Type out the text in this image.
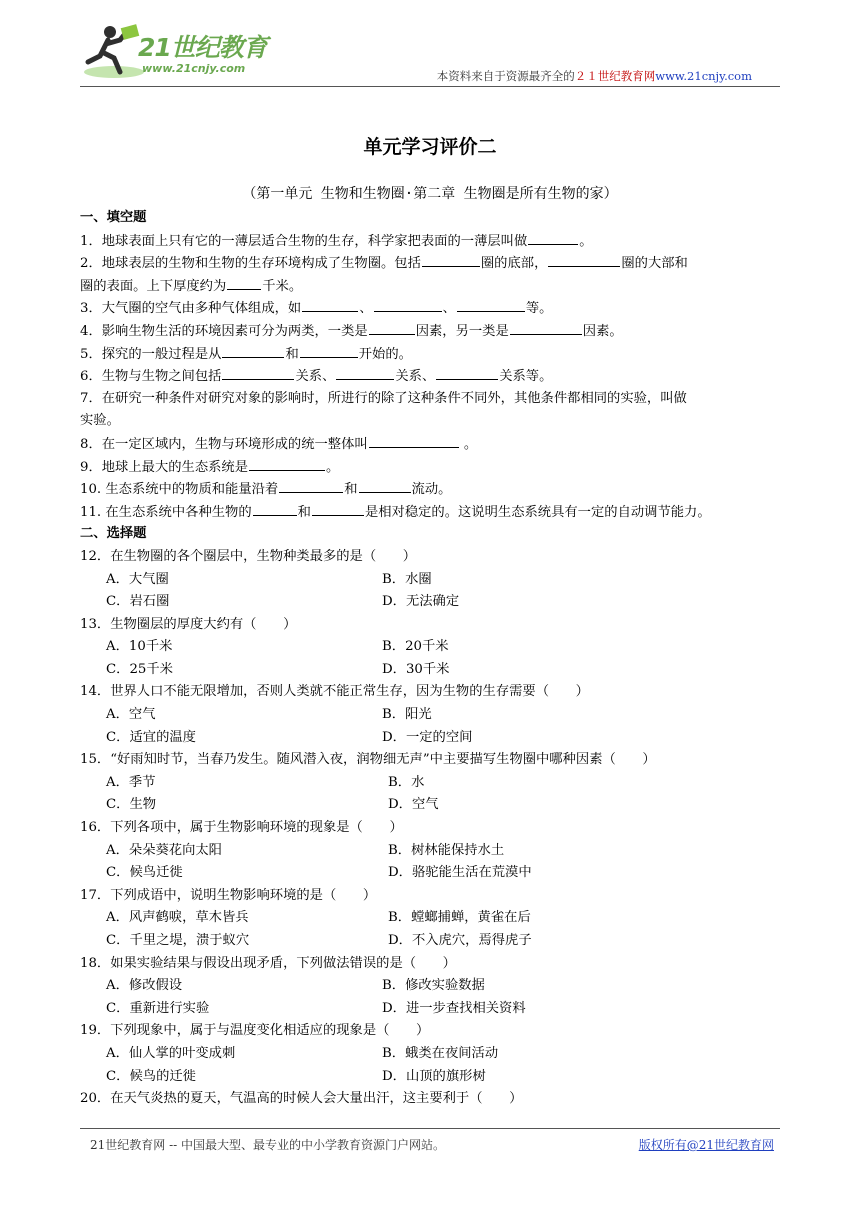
21世纪教育
www.21cnjy.com
本资料来自于资源最齐全的２１世纪教育网www.21cnjy.com
单元学习评价二
（第一单元 生物和生物圈·第二章 生物圈是所有生物的家）
一、填空题
1．地球表面上只有它的一薄层适合生物的生存，科学家把表面的一薄层叫做	。
2．地球表层的生物和生物的生存环境构成了生物圈。包括	圈的底部，	圈的大部和
圈的表面。上下厚度约为	千米。
3．大气圈的空气由多种气体组成，如	、	、	等。
4．影响生物生活的环境因素可分为两类，一类是	因素，另一类是	因素。
5．探究的一般过程是从	和	开始的。
6．生物与生物之间包括	关系、	关系、	关系等。
7．在研究一种条件对研究对象的影响时，所进行的除了这种条件不同外，其他条件都相同的实验，叫做
实验。
8．在一定区域内，生物与环境形成的统一整体叫	。
9．地球上最大的生态系统是	。
10. 生态系统中的物质和能量沿着	和	流动。
11. 在生态系统中各种生物的	和	是相对稳定的。这说明生态系统具有一定的自动调节能力。
二、选择题
12．在生物圈的各个圈层中，生物种类最多的是（　　）
A．大气圈	B．水圈
C．岩石圈	D．无法确定
13．生物圈层的厚度大约有（　　）
A．10千米	B．20千米
C．25千米	D．30千米
14．世界人口不能无限增加，否则人类就不能正常生存，因为生物的生存需要（　　）
A．空气	B．阳光
C．适宜的温度	D．一定的空间
15．“好雨知时节，当春乃发生。随风潜入夜，润物细无声”中主要描写生物圈中哪种因素（　　）
A．季节	B．水
C．生物	D．空气
16．下列各项中，属于生物影响环境的现象是（　　）
A．朵朵葵花向太阳	B．树林能保持水土
C．候鸟迁徙	D．骆驼能生活在荒漠中
17．下列成语中，说明生物影响环境的是（　　）
A．风声鹤唳，草木皆兵	B．螳螂捕蝉，黄雀在后
C．千里之堤，溃于蚁穴	D．不入虎穴，焉得虎子
18．如果实验结果与假设出现矛盾，下列做法错误的是（　　）
A．修改假设	B．修改实验数据
C．重新进行实验	D．进一步查找相关资料
19．下列现象中，属于与温度变化相适应的现象是（　　）
A．仙人掌的叶变成刺	B．蛾类在夜间活动
C．候鸟的迁徙	D．山顶的旗形树
20．在天气炎热的夏天，气温高的时候人会大量出汗，这主要利于（　　）
21世纪教育网 -- 中国最大型、最专业的中小学教育资源门户网站。	版权所有@21世纪教育网
